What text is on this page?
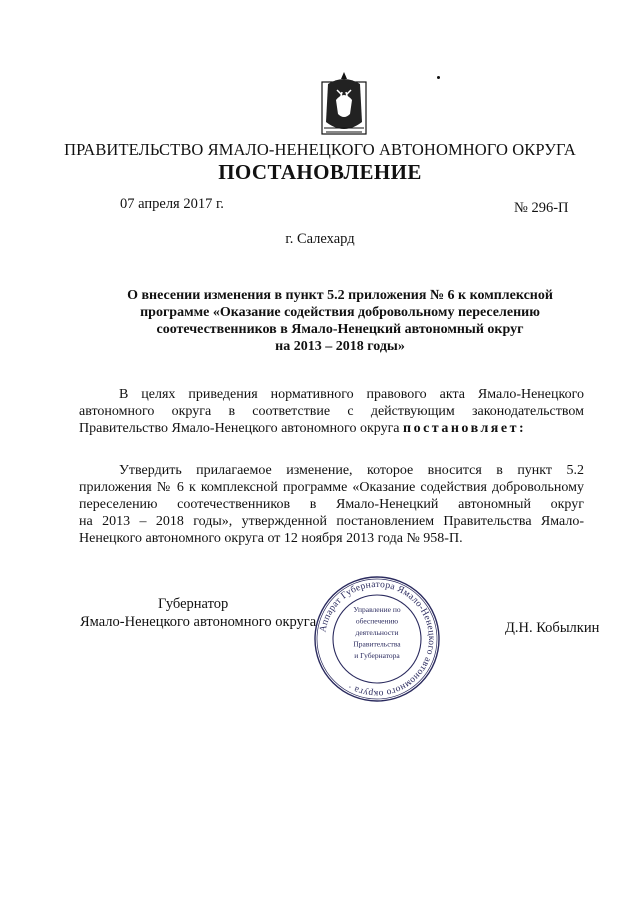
ПРАВИТЕЛЬСТВО ЯМАЛО-НЕНЕЦКОГО АВТОНОМНОГО ОКРУГА
ПОСТАНОВЛЕНИЕ
07 апреля 2017 г.	№ 296-П
г. Салехард
О внесении изменения в пункт 5.2 приложения № 6 к комплексной
программе «Оказание содействия добровольному переселению
соотечественников в Ямало-Ненецкий автономный округ
на 2013 – 2018 годы»
В целях приведения нормативного правового акта Ямало-Ненецкого
автономного округа в соответствие с действующим законодательством
Правительство Ямало-Ненецкого автономного округа постановляет:
Утвердить прилагаемое изменение, которое вносится в пункт 5.2
приложения № 6 к комплексной программе «Оказание содействия добровольному
переселению соотечественников в Ямало-Ненецкий автономный округ
на 2013 – 2018 годы», утвержденной постановлением Правительства Ямало-
Ненецкого автономного округа от 12 ноября 2013 года № 958-П.
Губернатор
Ямало-Ненецкого автономного округа	Д.Н. Кобылкин
Аппарат Губернатора Ямало-Ненецкого автономного округа ·
Управление по
обеспечению
деятельности
Правительства
и Губернатора
